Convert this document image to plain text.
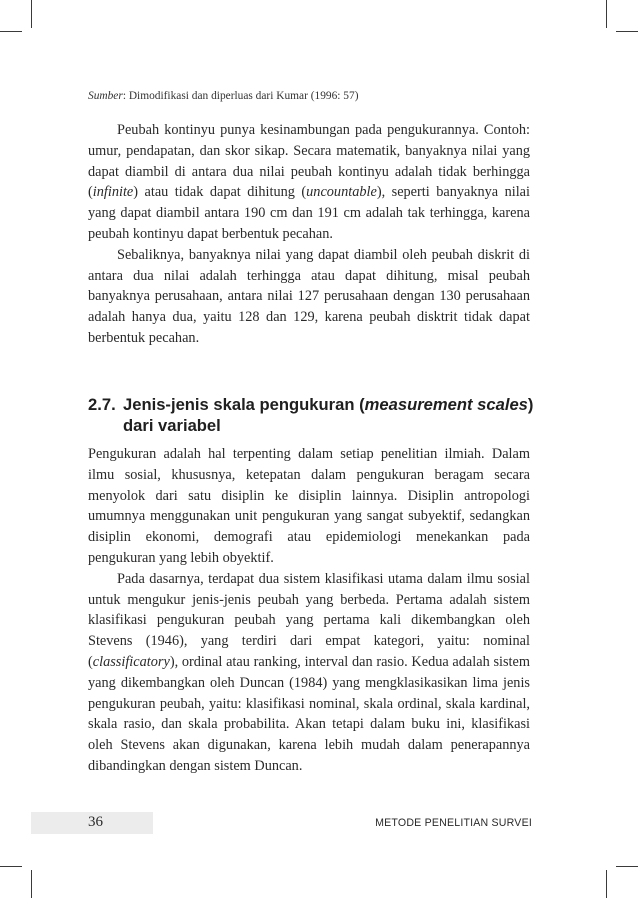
Sumber: Dimodifikasi dan diperluas dari Kumar (1996: 57)

Peubah kontinyu punya kesinambungan pada pengukurannya. Contoh: umur, pendapatan, dan skor sikap. Secara matematik, banyaknya nilai yang dapat diambil di antara dua nilai peubah kontinyu adalah tidak berhingga (infinite) atau tidak dapat dihitung (uncountable), seperti banyaknya nilai yang dapat diambil antara 190 cm dan 191 cm adalah tak terhingga, karena peubah kontinyu dapat berbentuk pecahan.

Sebaliknya, banyaknya nilai yang dapat diambil oleh peubah diskrit di antara dua nilai adalah terhingga atau dapat dihitung, misal peubah banyaknya perusahaan, antara nilai 127 perusahaan dengan 130 perusahaan adalah hanya dua, yaitu 128 dan 129, karena peubah disktrit tidak dapat berbentuk pecahan.

2.7. Jenis-jenis skala pengukuran (measurement scales)
dari variabel

Pengukuran adalah hal terpenting dalam setiap penelitian ilmiah. Dalam ilmu sosial, khususnya, ketepatan dalam pengukuran beragam secara menyolok dari satu disiplin ke disiplin lainnya. Disiplin antropologi umumnya menggunakan unit pengukuran yang sangat subyektif, sedangkan disiplin ekonomi, demografi atau epidemiologi menekankan pada pengukuran yang lebih obyektif.

Pada dasarnya, terdapat dua sistem klasifikasi utama dalam ilmu sosial untuk mengukur jenis-jenis peubah yang berbeda. Pertama adalah sistem klasifikasi pengukuran peubah yang pertama kali dikembangkan oleh Stevens (1946), yang terdiri dari empat kategori, yaitu: nominal (classificatory), ordinal atau ranking, interval dan rasio. Kedua adalah sistem yang dikembangkan oleh Duncan (1984) yang mengklasikasikan lima jenis pengukuran peubah, yaitu: klasifikasi nominal, skala ordinal, skala kardinal, skala rasio, dan skala probabilita. Akan tetapi dalam buku ini, klasifikasi oleh Stevens akan digunakan, karena lebih mudah dalam penerapannya dibandingkan dengan sistem Duncan.

36	METODE PENELITIAN SURVEI
